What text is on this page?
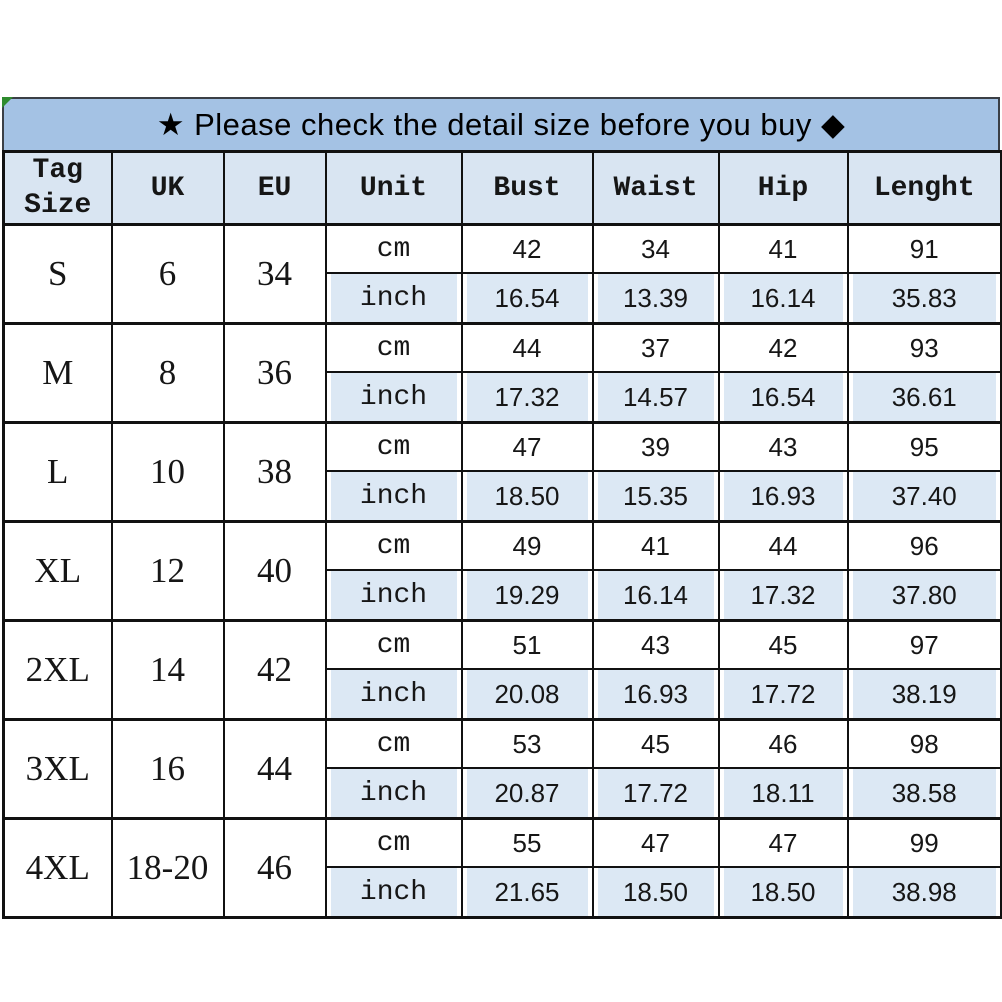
★ Please check the detail size before you buy ◆
Tag Size	UK	EU	Unit	Bust	Waist	Hip	Lenght
S	6	34	cm	42	34	41	91
			inch	16.54	13.39	16.14	35.83
M	8	36	cm	44	37	42	93
			inch	17.32	14.57	16.54	36.61
L	10	38	cm	47	39	43	95
			inch	18.50	15.35	16.93	37.40
XL	12	40	cm	49	41	44	96
			inch	19.29	16.14	17.32	37.80
2XL	14	42	cm	51	43	45	97
			inch	20.08	16.93	17.72	38.19
3XL	16	44	cm	53	45	46	98
			inch	20.87	17.72	18.11	38.58
4XL	18-20	46	cm	55	47	47	99
			inch	21.65	18.50	18.50	38.98
